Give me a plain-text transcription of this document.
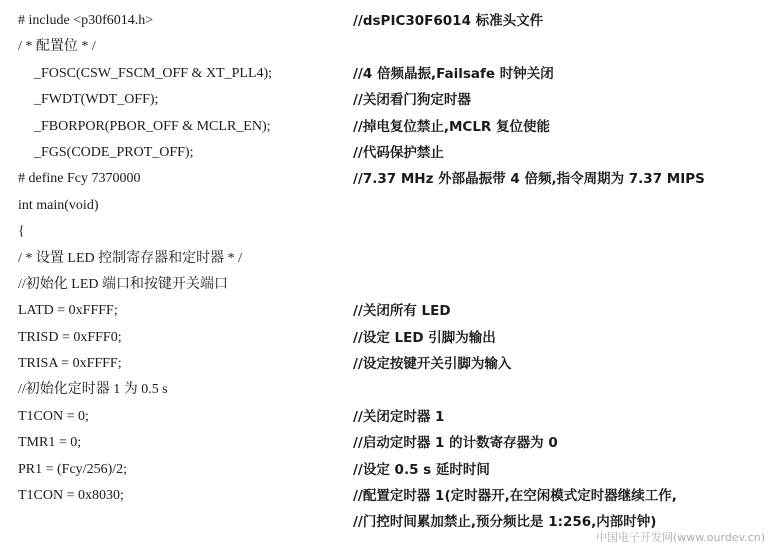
# include <p30f6014.h>	//dsPIC30F6014 标准头文件
/ * 配置位 * /
_FOSC(CSW_FSCM_OFF & XT_PLL4);	//4 倍频晶振,Failsafe 时钟关闭
_FWDT(WDT_OFF);	//关闭看门狗定时器
_FBORPOR(PBOR_OFF & MCLR_EN);	//掉电复位禁止,MCLR 复位使能
_FGS(CODE_PROT_OFF);	//代码保护禁止
# define Fcy 7370000	//7.37 MHz 外部晶振带 4 倍频,指令周期为 7.37 MIPS
int main(void)
{
/ * 设置 LED 控制寄存器和定时器 * /
//初始化 LED 端口和按键开关端口
LATD = 0xFFFF;	//关闭所有 LED
TRISD = 0xFFF0;	//设定 LED 引脚为输出
TRISA = 0xFFFF;	//设定按键开关引脚为输入
//初始化定时器 1 为 0.5 s
T1CON = 0;	//关闭定时器 1
TMR1 = 0;	//启动定时器 1 的计数寄存器为 0
PR1 = (Fcy/256)/2;	//设定 0.5 s 延时时间
T1CON = 0x8030;	//配置定时器 1(定时器开,在空闲模式定时器继续工作,
//门控时间累加禁止,预分频比是 1:256,内部时钟)
中国电子开发网(www.ourdev.cn)
